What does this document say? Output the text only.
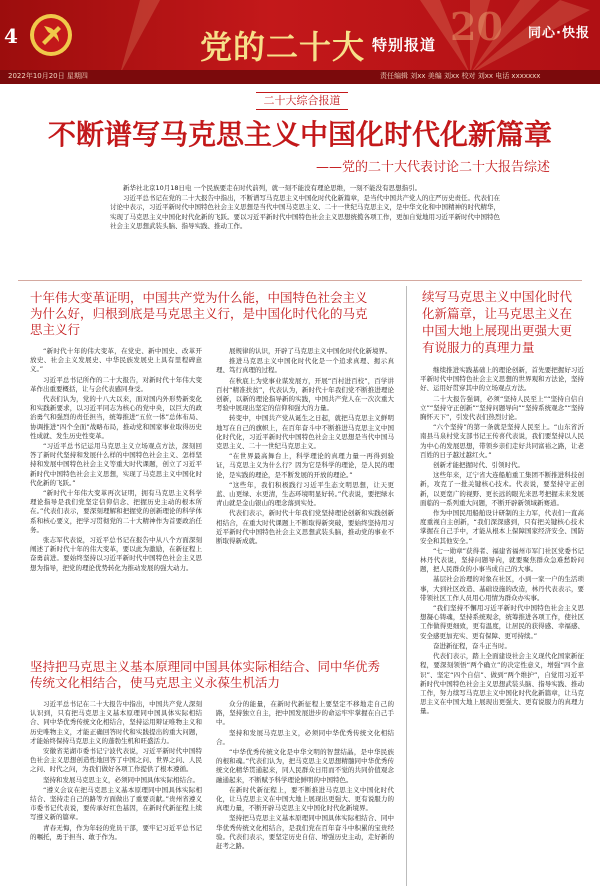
4	党的二十大 特别报道 20 同心·快报
2022年10月20日 星期四	责任编辑 刘xx 美编 刘xx 校对 刘xx 电话 xxxxxxx
二十大综合报道
不断谱写马克思主义中国化时代化新篇章
——党的二十大代表讨论二十大报告综述

新华社北京10月18日电 一个民族要走在时代前列，就一刻不能没有理论思维，一刻不能没有思想指引。

习近平总书记在党的二十大报告中指出，不断谱写马克思主义中国化时代化新篇章，是当代中国共产党人的庄严历史责任。代表们在讨论中表示，习近平新时代中国特色社会主义思想是当代中国马克思主义、二十一世纪马克思主义，是中华文化和中国精神的时代精华，实现了马克思主义中国化时代化新的飞跃。要以习近平新时代中国特色社会主义思想统揽各项工作，更加自觉地用习近平新时代中国特色社会主义思想武装头脑、指导实践、推动工作。

十年伟大变革证明，中国共产党为什么能，中国特色社会主义为什么好，归根到底是马克思主义行，是中国化时代化的马克思主义行
续写马克思主义中国化时代化新篇章，让马克思主义在中国大地上展现出更强大更有说服力的真理力量

“新时代十年的伟大变革，在党史、新中国史、改革开放史、社会主义发展史、中华民族发展史上具有里程碑意义。”

习近平总书记所作的二十大报告，对新时代十年伟大变革作出重要概括，让与会代表感同身受。

代表们认为，党的十八大以来，面对国内外形势新变化和实践新要求，以习近平同志为核心的党中央，以巨大的政治勇气和强烈的责任担当，统筹推进“五位一体”总体布局、协调推进“四个全面”战略布局，推动党和国家事业取得历史性成就、发生历史性变革。

“习近平总书记运用马克思主义立场观点方法，深刻回答了新时代坚持和发展什么样的中国特色社会主义、怎样坚持和发展中国特色社会主义等重大时代课题，创立了习近平新时代中国特色社会主义思想，实现了马克思主义中国化时代化新的飞跃。”

“新时代十年伟大变革再次证明，拥有马克思主义科学理论指导是我们党坚定信仰信念、把握历史主动的根本所在。”代表们表示，要深刻理解和把握党的创新理论的科学体系和核心要义，把学习贯彻党的二十大精神作为首要政治任务。

张志军代表说，习近平总书记在报告中从八个方面深刻阐述了新时代十年的伟大变革，要以此为激励，在新征程上奋勇前进。要始终坚持以习近平新时代中国特色社会主义思想为指导，把党的理论优势转化为推动发展的强大动力。

展规律的认识，开辟了马克思主义中国化时代化新境界。

推进马克思主义中国化时代化是一个追求真理、揭示真理、笃行真理的过程。

在秋底上为党事业谋发展方，开展“百村进百校”，百学讲百村“精准扶贫”，代表认为，新时代十年我们党不断推进理论创新，以新的理论指导新的实践，中国共产党人在一次次重大考验中展现出坚定的信仰和强大的力量。

转变中，中国共产党从诞生之日起，就把马克思主义鲜明地写在自己的旗帜上，在百年奋斗中不断推进马克思主义中国化时代化，习近平新时代中国特色社会主义思想是当代中国马克思主义、二十一世纪马克思主义。

“在世界最高舞台上，科学理论的真理力量一再得到验证，马克思主义为什么行？因为它是科学的理论，是人民的理论，是实践的理论，是不断发展的开放的理论。”

“这些年，我们积极践行习近平生态文明思想，让天更蓝、山更绿、水更清，生态环境明显好转。”代表说，要把绿水青山就是金山银山的理念落到实处。

代表们表示，新时代十年我们党坚持理论创新和实践创新相结合，在重大时代课题上不断取得新突破，要始终坚持用习近平新时代中国特色社会主义思想武装头脑，推动党的事业不断取得新成就。

继续推进实践基础上的理论创新，首先要把握好习近平新时代中国特色社会主义思想的世界观和方法论，坚持好、运用好贯穿其中的立场观点方法。

二十大报告强调，必须“坚持人民至上”“坚持自信自立”“坚持守正创新”“坚持问题导向”“坚持系统观念”“坚持胸怀天下”，引发代表们热烈讨论。

“六个坚持”的第一条就是坚持人民至上。“山东省沂南县马泉村党支部书记王传喜代表说，我们要坚持以人民为中心的发展思想，带领乡亲们走好共同富裕之路，让老百姓的日子越过越红火。”

创新才能把握时代、引领时代。

这些年来，辽宁省大连船舶重工集团不断推进科技创新，攻克了一批关键核心技术。代表说，要坚持守正创新，以更宽广的视野、更长远的眼光来思考把握未来发展面临的一系列重大问题，不断开辟新领域新赛道。

作为中国民用船舶设计研制的主力军，代表们一直高度重视自主创新，“我们深深感到，只有把关键核心技术掌握在自己手中，才能从根本上保障国家经济安全、国防安全和其他安全。”

“七一勋章”获得者、福建省福州市军门社区党委书记林丹代表说，坚持问题导向，就要聚焦群众急难愁盼问题，把人民群众的小事当成自己的大事。

基层社会治理的对象在社区，小到一家一户的生活琐事，大到社区改造、基础设施的改造，林丹代表表示，要带领社区工作人员用心用情为群众办实事。

“我们坚持不懈用习近平新时代中国特色社会主义思想凝心铸魂，坚持系统观念，统筹推进各项工作，使社区工作做得更细致，更有温度，让居民的获得感、幸福感、安全感更加充实、更有保障、更可持续。”

奋进新征程，奋斗正当时。

代表们表示，踏上全面建设社会主义现代化国家新征程，要深刻领悟“两个确立”的决定性意义，增强“四个意识”、坚定“四个自信”、做到“两个维护”，自觉用习近平新时代中国特色社会主义思想武装头脑、指导实践、推动工作，努力续写马克思主义中国化时代化新篇章，让马克思主义在中国大地上展现出更强大、更有说服力的真理力量。

坚持把马克思主义基本原理同中国具体实际相结合、同中华优秀传统文化相结合，使马克思主义永葆生机活力

习近平总书记在二十大报告中指出，中国共产党人深刻认识到，只有把马克思主义基本原理同中国具体实际相结合、同中华优秀传统文化相结合，坚持运用辩证唯物主义和历史唯物主义，才能正确回答时代和实践提出的重大问题，才能始终保持马克思主义的蓬勃生机和旺盛活力。

安徽省芜湖市委书记宁波代表说，习近平新时代中国特色社会主义思想创造性地回答了中国之问、世界之问、人民之问、时代之问，为我们做好各项工作提供了根本遵循。

坚持和发展马克思主义，必须同中国具体实际相结合。

“遵义会议在把马克思主义基本原理同中国具体实际相结合、坚持走自己的路等方面做出了重要贡献。”贵州省遵义市委书记代表说，要传承好红色基因，在新时代新征程上续写遵义新的篇章。

青春无悔，作为年轻的党员干部，要牢记习近平总书记的嘱托，勇于担当、敢于作为。

众分的能量，在新时代新征程上要坚定不移地走自己的路，坚持独立自主，把中国发展进步的命运牢牢掌握在自己手中。

坚持和发展马克思主义，必须同中华优秀传统文化相结合。

“中华优秀传统文化是中华文明的智慧结晶，是中华民族的根和魂。”代表们认为，把马克思主义思想精髓同中华优秀传统文化精华贯通起来，同人民群众日用而不觉的共同价值观念融通起来，不断赋予科学理论鲜明的中国特色。

在新时代新征程上，要不断推进马克思主义中国化时代化，让马克思主义在中国大地上展现出更强大、更有说服力的真理力量，不断开辟马克思主义中国化时代化新境界。

坚持把马克思主义基本原理同中国具体实际相结合、同中华优秀传统文化相结合，是我们党在百年奋斗中积累的宝贵经验。代表们表示，要坚定历史自信、增强历史主动，走好新的赶考之路。
